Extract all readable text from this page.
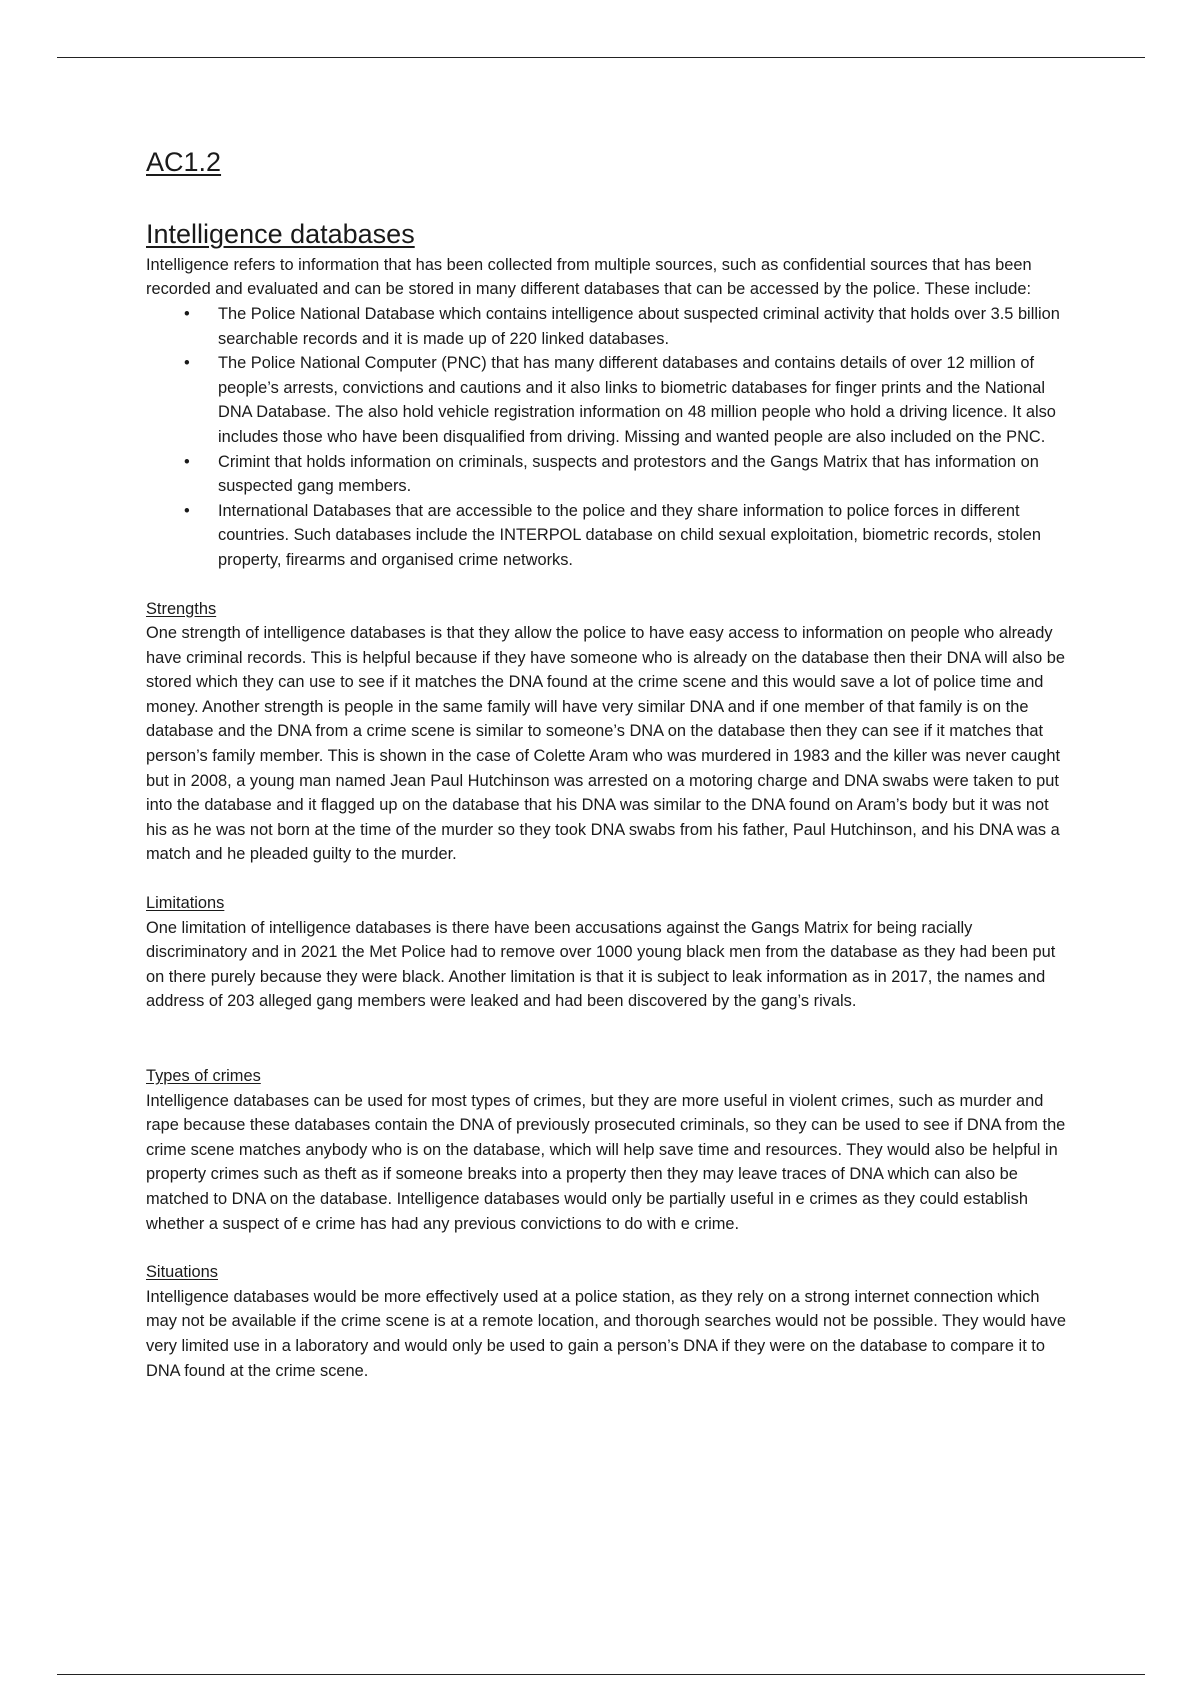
AC1.2
Intelligence databases

Intelligence refers to information that has been collected from multiple sources, such as confidential sources that has been recorded and evaluated and can be stored in many different databases that can be accessed by the police. These include:

• The Police National Database which contains intelligence about suspected criminal activity that holds over 3.5 billion searchable records and it is made up of 220 linked databases.
• The Police National Computer (PNC) that has many different databases and contains details of over 12 million of people’s arrests, convictions and cautions and it also links to biometric databases for finger prints and the National DNA Database. The also hold vehicle registration information on 48 million people who hold a driving licence. It also includes those who have been disqualified from driving. Missing and wanted people are also included on the PNC.
• Crimint that holds information on criminals, suspects and protestors and the Gangs Matrix that has information on suspected gang members.
• International Databases that are accessible to the police and they share information to police forces in different countries. Such databases include the INTERPOL database on child sexual exploitation, biometric records, stolen property, firearms and organised crime networks.

Strengths

One strength of intelligence databases is that they allow the police to have easy access to information on people who already have criminal records. This is helpful because if they have someone who is already on the database then their DNA will also be stored which they can use to see if it matches the DNA found at the crime scene and this would save a lot of police time and money. Another strength is people in the same family will have very similar DNA and if one member of that family is on the database and the DNA from a crime scene is similar to someone’s DNA on the database then they can see if it matches that person’s family member. This is shown in the case of Colette Aram who was murdered in 1983 and the killer was never caught but in 2008, a young man named Jean Paul Hutchinson was arrested on a motoring charge and DNA swabs were taken to put into the database and it flagged up on the database that his DNA was similar to the DNA found on Aram’s body but it was not his as he was not born at the time of the murder so they took DNA swabs from his father, Paul Hutchinson, and his DNA was a match and he pleaded guilty to the murder.

Limitations

One limitation of intelligence databases is there have been accusations against the Gangs Matrix for being racially discriminatory and in 2021 the Met Police had to remove over 1000 young black men from the database as they had been put on there purely because they were black. Another limitation is that it is subject to leak information as in 2017, the names and address of 203 alleged gang members were leaked and had been discovered by the gang’s rivals.

Types of crimes

Intelligence databases can be used for most types of crimes, but they are more useful in violent crimes, such as murder and rape because these databases contain the DNA of previously prosecuted criminals, so they can be used to see if DNA from the crime scene matches anybody who is on the database, which will help save time and resources. They would also be helpful in property crimes such as theft as if someone breaks into a property then they may leave traces of DNA which can also be matched to DNA on the database. Intelligence databases would only be partially useful in e crimes as they could establish whether a suspect of e crime has had any previous convictions to do with e crime.

Situations

Intelligence databases would be more effectively used at a police station, as they rely on a strong internet connection which may not be available if the crime scene is at a remote location, and thorough searches would not be possible. They would have very limited use in a laboratory and would only be used to gain a person’s DNA if they were on the database to compare it to DNA found at the crime scene.
